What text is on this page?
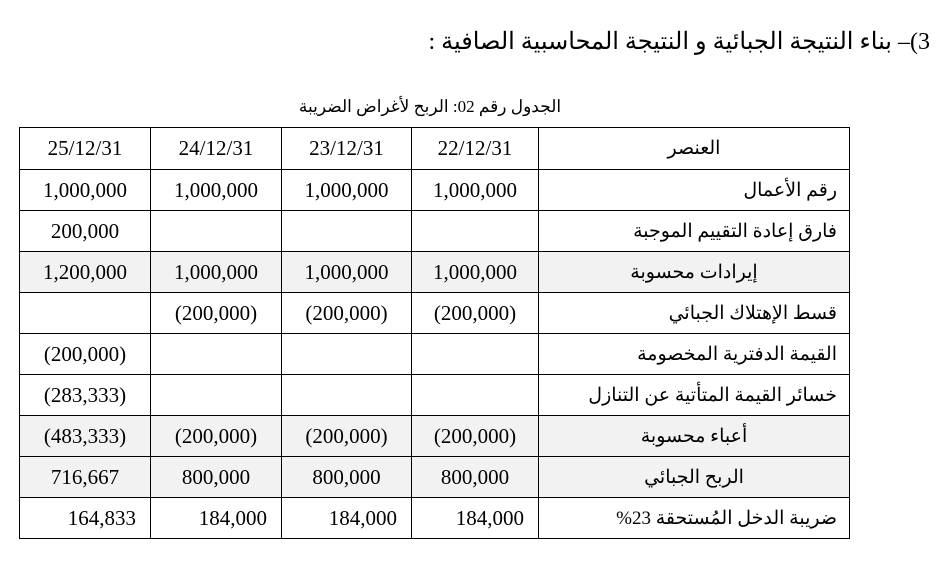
3)– بناء النتيجة الجبائية و النتيجة المحاسبية الصافية :
الجدول رقم 02: الربح لأغراض الضريبة
25/12/31	24/12/31	23/12/31	22/12/31	العنصر
1,000,000	1,000,000	1,000,000	1,000,000	رقم الأعمال
200,000				فارق إعادة التقييم الموجبة
1,200,000	1,000,000	1,000,000	1,000,000	إيرادات محسوبة
	(200,000)	(200,000)	(200,000)	قسط الإهتلاك الجبائي
(200,000)				القيمة الدفترية المخصومة
(283,333)				خسائر القيمة المتأتية عن التنازل
(483,333)	(200,000)	(200,000)	(200,000)	أعباء محسوبة
716,667	800,000	800,000	800,000	الربح الجبائي
164,833	184,000	184,000	184,000	ضريبة الدخل المُستحقة 23%
